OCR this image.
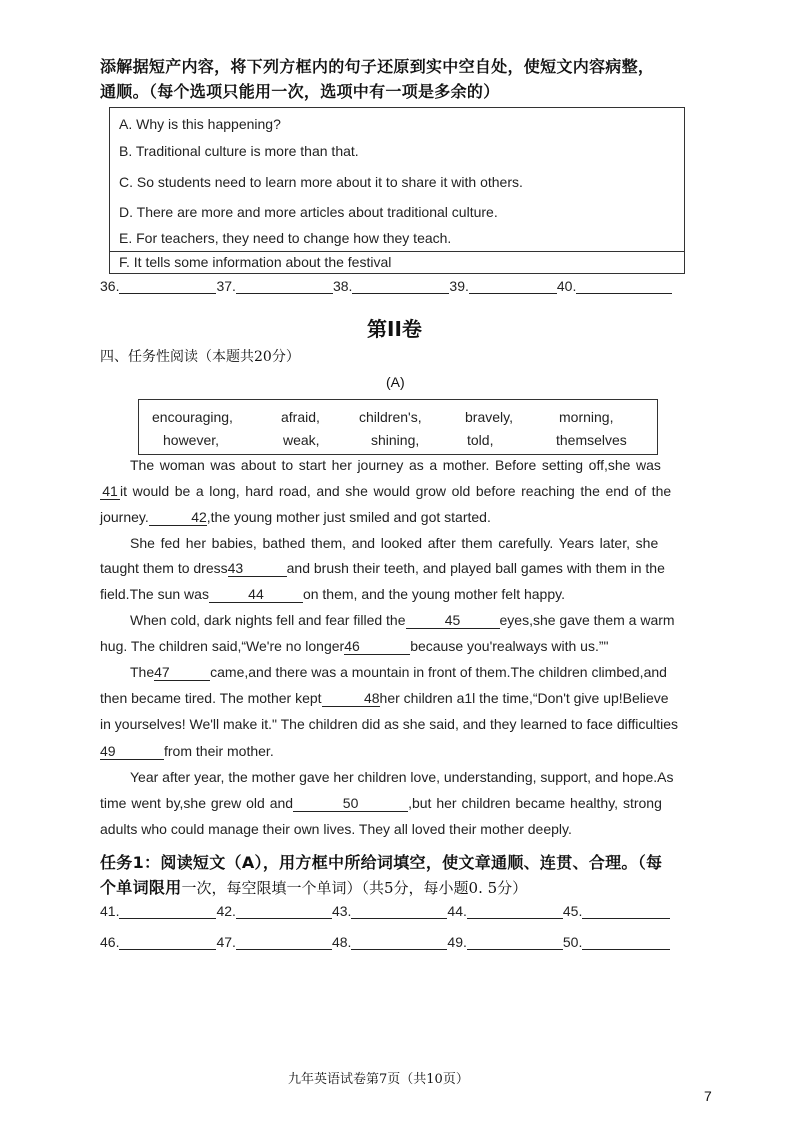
添解据短产内容，将下列方框内的句子还原到实中空自处，使短文内容病整，
通顺。（每个选项只能用一次，选项中有一项是多余的）
A. Why is this happening?
B. Traditional culture is more than that.
C. So students need to learn more about it to share it with others.
D. There are more and more articles about traditional culture.
E. For teachers, they need to change how they teach.
F. It tells some information about the festival
36.	37.	38.	39.	40.
第II卷
四、任务性阅读（本题共20分）
(A)
encouraging,	afraid,	children's,	bravely,	morning,
however,	weak,	shining,	told,	themselves
The woman was about to start her journey as a mother. Before setting off,she was
41it would be a long, hard road, and she would grow old before reaching the end of the
journey.	42,the young mother just smiled and got started.
She fed her babies, bathed them, and looked after them carefully. Years later, she
taught them to dress43	and brush their teeth, and played ball games with them in the
field.The sun was	44	on them, and the young mother felt happy.
When cold, dark nights fell and fear filled the	45	eyes,she gave them a warm
hug. The children said,“We're no longer46	because you'realways with us.”"
The47	came,and there was a mountain in front of them.The children climbed,and
then became tired. The mother kept	48her children a1l the time,“Don't give up!Believe
in yourselves! We'll make it." The children did as she said, and they learned to face difficulties
49	from their mother.
Year after year, the mother gave her children love, understanding, support, and hope.As
time went by,she grew old and	50	,but her children became healthy, strong
adults who could manage their own lives. They all loved their mother deeply.
任务1：阅读短文（A），用方框中所给词填空，使文章通顺、连贯、合理。（每
个单词限用一次，每空限填一个单词）（共5分，每小题0. 5分）
41.	42.	43.	44.	45.
46.	47.	48.	49.	50.
九年英语试卷第7页（共10页）
7
